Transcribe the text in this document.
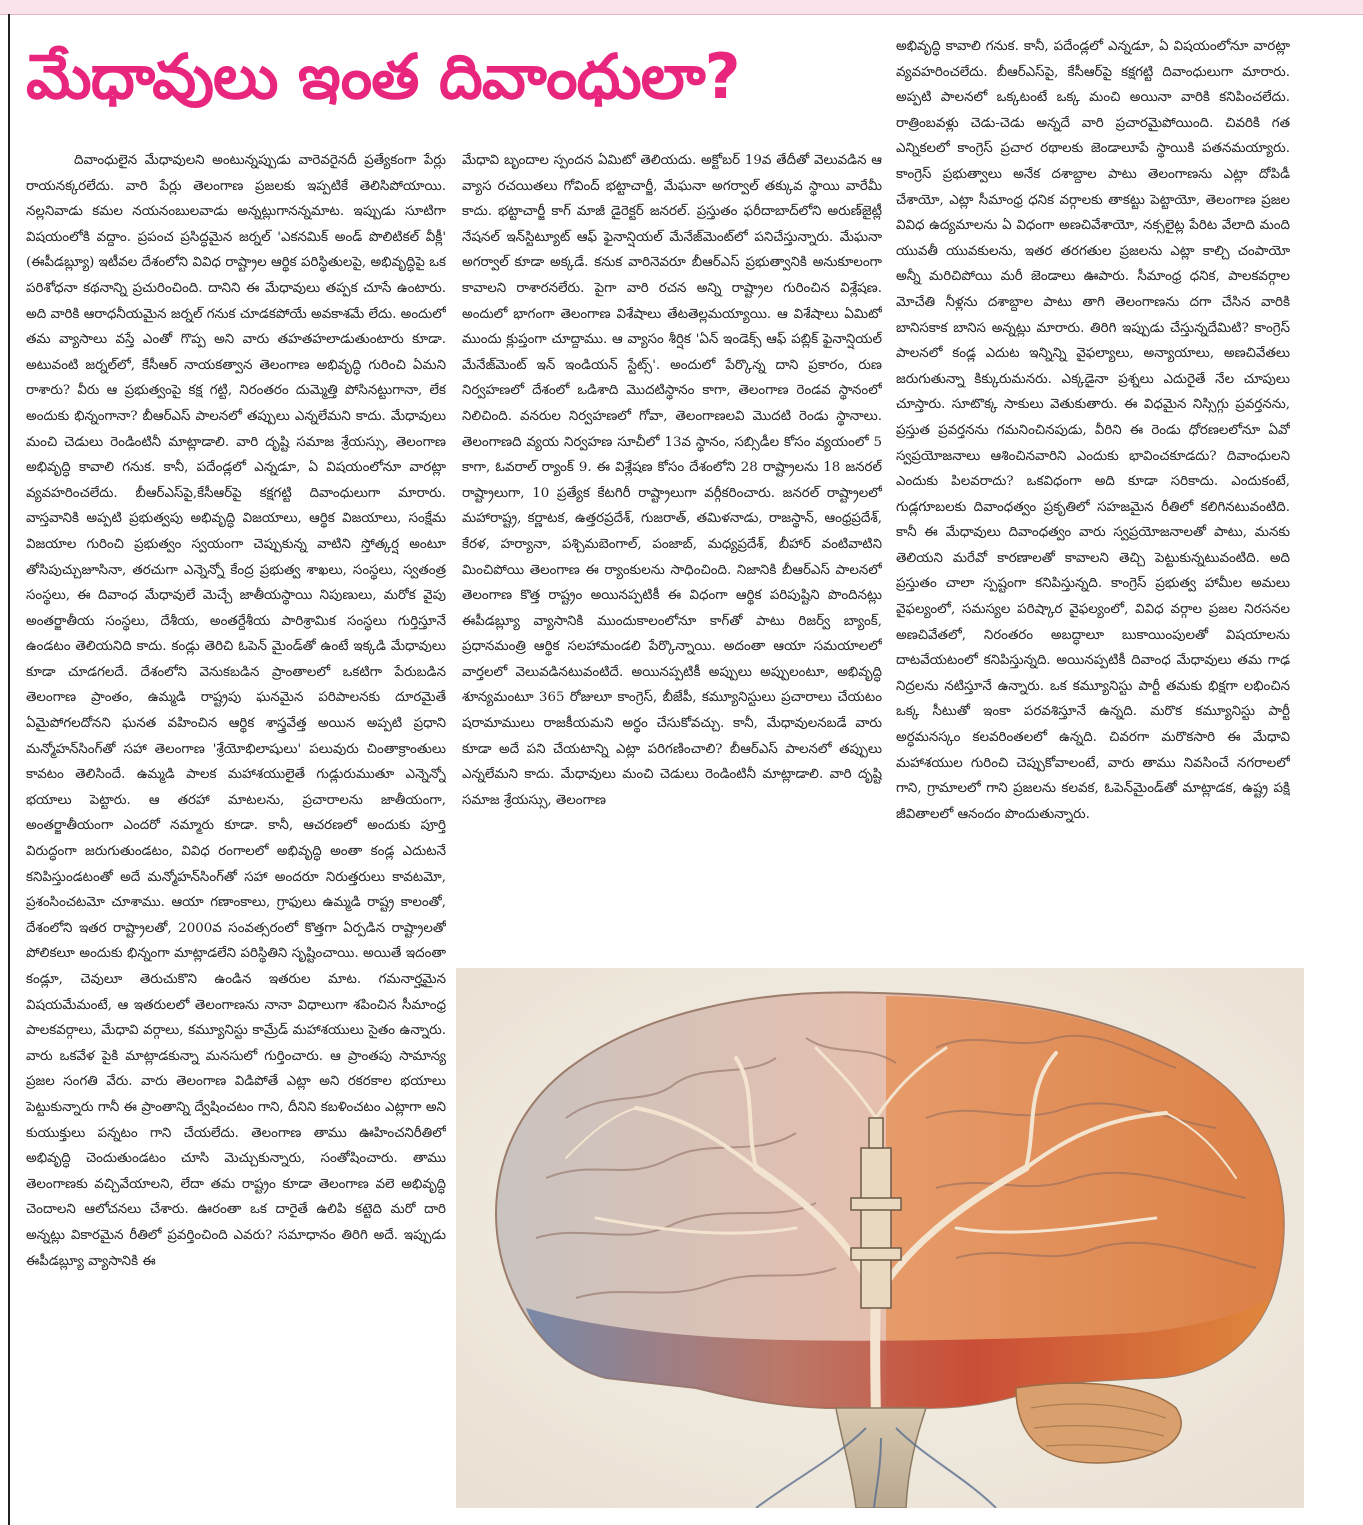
మేధావులు ఇంత దివాంధులా?

దివాంధులైన మేధావులని అంటున్నప్పుడు వారెవరైనదీ ప్రత్యేకంగా పేర్లు రాయనక్కరలేదు. వారి పేర్లు తెలంగాణ ప్రజలకు ఇప్పటికే తెలిసిపోయాయి. నల్లనివాడు కమల నయనంబులవాడు అన్నట్లుగానన్నమాట. ఇప్పుడు సూటిగా విషయంలోకి వద్దాం. ప్రపంచ ప్రసిద్ధమైన జర్నల్ 'ఎకనమిక్ అండ్ పొలిటికల్ వీక్లీ' (ఈపీడబ్ల్యూ) ఇటీవల దేశంలోని వివిధ రాష్ట్రాల ఆర్థిక పరిస్థితులపై, అభివృద్ధిపై ఒక పరిశోధనా కథనాన్ని ప్రచురించింది. దానిని ఈ మేధావులు తప్పక చూసే ఉంటారు. అది వారికి ఆరాధనీయమైన జర్నల్ గనుక చూడకపోయే అవకాశమే లేదు. అందులో తమ వ్యాసాలు వస్తే ఎంతో గొప్ప అని వారు తహతహలాడుతుంటారు కూడా. అటువంటి జర్నల్‌లో, కేసీఆర్ నాయకత్వాన తెలంగాణ అభివృద్ధి గురించి ఏమని రాశారు? వీరు ఆ ప్రభుత్వంపై కక్ష గట్టి, నిరంతరం దుమ్మెత్తి పోసినట్టుగానా, లేక అందుకు భిన్నంగానా? బీఆర్ఎస్ పాలనలో తప్పులు ఎన్నలేమని కాదు. మేధావులు మంచి చెడులు రెండింటినీ మాట్లాడాలి. వారి దృష్టి సమాజ శ్రేయస్సు, తెలంగాణ అభివృద్ధి కావాలి గనుక. కానీ, పదేండ్లలో ఎన్నడూ, ఏ విషయంలోనూ వారట్లా వ్యవహరించలేదు. బీఆర్ఎస్‌పై,కేసీఆర్‌పై కక్షగట్టి దివాంధులుగా మారారు. వాస్తవానికి అప్పటి ప్రభుత్వపు అభివృద్ధి విజయాలు, ఆర్థిక విజయాలు, సంక్షేమ విజయాల గురించి ప్రభుత్వం స్వయంగా చెప్పుకున్న వాటిని స్తోత్కర్ష అంటూ తోసిపుచ్చుజూసినా, తరచుగా ఎన్నెన్నో కేంద్ర ప్రభుత్వ శాఖలు, సంస్థలు, స్వతంత్ర సంస్థలు, ఈ దివాంధ మేధావులే మెచ్చే జాతీయస్థాయి నిపుణులు, మరోక వైపు అంతర్జాతీయ సంస్థలు, దేశీయ, అంతర్దేశీయ పారిశ్రామిక సంస్థలు గుర్తిస్తూనే ఉండటం తెలియనిది కాదు. కండ్లు తెరిచి ఓపెన్ మైండ్‌తో ఉంటే ఇక్కడి మేధావులు కూడా చూడగలదే. దేశంలోని వెనుకబడిన ప్రాంతాలలో ఒకటిగా పేరుబడిన తెలంగాణ ప్రాంతం, ఉమ్మడి రాష్ట్రపు ఘనమైన పరిపాలనకు దూరమైతే ఏమైపోగలదోనని ఘనత వహించిన ఆర్థిక శాస్త్రవేత్త అయిన అప్పటి ప్రధాని మన్మోహన్‌సింగ్‌తో సహా తెలంగాణ 'శ్రేయోభిలాషులు' పలువురు చింతాక్రాంతులు కావటం తెలిసిందే. ఉమ్మడి పాలక మహాశయులైతే గుడ్లురుముతూ ఎన్నెన్నో భయాలు పెట్టారు. ఆ తరహా మాటలను, ప్రచారాలను జాతీయంగా, అంతర్జాతీయంగా ఎందరో నమ్మారు కూడా. కానీ, ఆచరణలో అందుకు పూర్తి విరుద్ధంగా జరుగుతుండటం, వివిధ రంగాలలో అభివృద్ధి అంతా కండ్ల ఎదుటనే కనిపిస్తుండటంతో అదే మన్మోహన్‌సింగ్‌తో సహా అందరూ నిరుత్తరులు కావటమో, ప్రశంసించటమో చూశాము. ఆయా గణాంకాలు, గ్రాఫులు ఉమ్మడి రాష్ట్ర కాలంతో, దేశంలోని ఇతర రాష్ట్రాలతో, 2000వ సంవత్సరంలో కొత్తగా ఏర్పడిన రాష్ట్రాలతో పోలికలూ అందుకు భిన్నంగా మాట్లాడలేని పరిస్థితిని సృష్టించాయి. అయితే ఇదంతా కండ్లూ, చెవులూ తెరుచుకొని ఉండిన ఇతరుల మాట. గమనార్హమైన విషయమేమంటే, ఆ ఇతరులలో తెలంగాణను నానా విధాలుగా శపించిన సీమాంధ్ర పాలకవర్గాలు, మేధావి వర్గాలు, కమ్యూనిస్టు కామ్రేడ్ మహాశయులు సైతం ఉన్నారు. వారు ఒకవేళ పైకి మాట్లాడకున్నా మనసులో గుర్తించారు. ఆ ప్రాంతపు సామాన్య ప్రజల సంగతి వేరు. వారు తెలంగాణ విడిపోతే ఎట్లా అని రకరకాల భయాలు పెట్టుకున్నారు గానీ ఈ ప్రాంతాన్ని ద్వేషించటం గాని, దీనిని కబళించటం ఎట్లాగా అని కుయుక్తులు పన్నటం గాని చేయలేదు. తెలంగాణ తాము ఊహించనిరీతిలో అభివృద్ధి చెందుతుండటం చూసి మెచ్చుకున్నారు, సంతోషించారు. తాము తెలంగాణకు వచ్చివేయాలని, లేదా తమ రాష్ట్రం కూడా తెలంగాణ వలె అభివృద్ధి చెందాలని ఆలోచనలు చేశారు. ఊరంతా ఒక దారైతే ఉలిపి కట్టెది మరో దారి అన్నట్లు వికారమైన రీతిలో ప్రవర్తించింది ఎవరు? సమాధానం తిరిగి అదే. ఇప్పుడు ఈపీడబ్ల్యూ వ్యాసానికి ఈ

మేధావి బృందాల స్పందన ఏమిటో తెలియదు. అక్టోబర్ 19వ తేదీతో వెలువడిన ఆ వ్యాస రచయితలు గోవింద్ భట్టాచార్జీ, మేఘనా అగర్వాల్ తక్కువ స్థాయి వారేమీ కాదు. భట్టాచార్జీ కాగ్ మాజీ డైరెక్టర్ జనరల్. ప్రస్తుతం ఫరీదాబాద్‌లోని అరుణ్‌జైట్లీ నేషనల్ ఇన్‌స్టిట్యూట్ ఆఫ్ ఫైనాన్షియల్ మేనేజ్‌మెంట్‌లో పనిచేస్తున్నారు. మేఘనా అగర్వాల్ కూడా అక్కడే. కనుక వారినెవరూ బీఆర్ఎస్ ప్రభుత్వానికి అనుకూలంగా కావాలని రాశారనలేరు. పైగా వారి రచన అన్ని రాష్ట్రాల గురించిన విశ్లేషణ. అందులో భాగంగా తెలంగాణ విశేషాలు తేటతెల్లమయ్యాయి. ఆ విశేషాలు ఏమిటో ముందు క్లుప్తంగా చూద్దాము. ఆ వ్యాసం శీర్షిక 'ఏన్ ఇండెక్స్ ఆఫ్ పబ్లిక్ ఫైనాన్షియల్ మేనేజ్‌మెంట్ ఇన్ ఇండియన్ స్టేట్స్'. అందులో పేర్కొన్న దాని ప్రకారం, రుణ నిర్వహణలో దేశంలో ఒడిశాది మొదటిస్థానం కాగా, తెలంగాణ రెండవ స్థానంలో నిలిచింది. వనరుల నిర్వహణలో గోవా, తెలంగాణలవి మొదటి రెండు స్థానాలు. తెలంగాణది వ్యయ నిర్వహణ సూచీలో 13వ స్థానం, సబ్సిడీల కోసం వ్యయంలో 5 కాగా, ఓవరాల్ ర్యాంక్ 9. ఈ విశ్లేషణ కోసం దేశంలోని 28 రాష్ట్రాలను 18 జనరల్ రాష్ట్రాలుగా, 10 ప్రత్యేక కేటగిరీ రాష్ట్రాలుగా వర్గీకరించారు. జనరల్ రాష్ట్రాలలో మహారాష్ట్ర, కర్ణాటక, ఉత్తరప్రదేశ్, గుజరాత్, తమిళనాడు, రాజస్థాన్, ఆంధ్రప్రదేశ్, కేరళ, హర్యానా, పశ్చిమబెంగాల్, పంజాబ్, మధ్యప్రదేశ్, బీహార్ వంటివాటిని మించిపోయి తెలంగాణ ఈ ర్యాంకులను సాధించింది. నిజానికి బీఆర్ఎస్ పాలనలో తెలంగాణ కొత్త రాష్ట్రం అయినప్పటికీ ఈ విధంగా ఆర్థిక పరిపుష్టిని పొందినట్లు ఈపీడబ్ల్యూ వ్యాసానికి ముందుకాలంలోనూ కాగ్‌తో పాటు రిజర్వ్ బ్యాంక్, ప్రధానమంత్రి ఆర్థిక సలహామండలి పేర్కొన్నాయి. అదంతా ఆయా సమయాలలో వార్తలలో వెలువడినటువంటిదే. అయినప్పటికీ అప్పులు అప్పులంటూ, అభివృద్ధి శూన్యమంటూ 365 రోజులూ కాంగ్రెస్, బీజేపీ, కమ్యూనిస్టులు ప్రచారాలు చేయటం షరామాములు రాజకీయమని అర్థం చేసుకోవచ్చు. కానీ, మేధావులనబడే వారు కూడా అదే పని చేయటాన్ని ఎట్లా పరిగణించాలి? బీఆర్ఎస్ పాలనలో తప్పులు ఎన్నలేమని కాదు. మేధావులు మంచి చెడులు రెండింటినీ మాట్లాడాలి. వారి దృష్టి సమాజ శ్రేయస్సు, తెలంగాణ

అభివృద్ధి కావాలి గనుక. కానీ, పదేండ్లలో ఎన్నడూ, ఏ విషయంలోనూ వారట్లా వ్యవహరించలేదు. బీఆర్ఎస్‌పై, కేసీఆర్‌పై కక్షగట్టి దివాంధులుగా మారారు. అప్పటి పాలనలో ఒక్కటంటే ఒక్క మంచి అయినా వారికి కనిపించలేదు. రాత్రింబవళ్లు చెడు-చెడు అన్నదే వారి ప్రచారమైపోయింది. చివరికి గత ఎన్నికలలో కాంగ్రెస్ ప్రచార రథాలకు జెండాలూపే స్థాయికి పతనమయ్యారు. కాంగ్రెస్ ప్రభుత్వాలు అనేక దశాబ్దాల పాటు తెలంగాణను ఎట్లా దోపిడీ చేశాయో, ఎట్లా సీమాంధ్ర ధనిక వర్గాలకు తాకట్టు పెట్టాయో, తెలంగాణ ప్రజల వివిధ ఉద్యమాలను ఏ విధంగా అణచివేశాయో, నక్సలైట్ల పేరిట వేలాది మంది యువతీ యువకులను, ఇతర తరగతుల ప్రజలను ఎట్లా కాల్చి చంపాయో అన్నీ మరిచిపోయి మరీ జెండాలు ఊపారు. సీమాంధ్ర ధనిక, పాలకవర్గాల మోచేతి నీళ్లను దశాబ్దాల పాటు తాగి తెలంగాణను దగా చేసిన వారికి బానిసకాక బానిస అన్నట్లు మారారు. తిరిగి ఇప్పుడు చేస్తున్నదేమిటి? కాంగ్రెస్ పాలనలో కండ్ల ఎదుట ఇన్నిన్ని వైఫల్యాలు, అన్యాయాలు, అణచివేతలు జరుగుతున్నా కిక్కురుమనరు. ఎక్కడైనా ప్రశ్నలు ఎదురైతే నేల చూపులు చూస్తారు. సూటొక్క సాకులు వెతుకుతారు. ఈ విధమైన నిస్సిగ్గు ప్రవర్తనను, ప్రస్తుత ప్రవర్తనను గమనించినపుడు, వీరిని ఈ రెండు ధోరణలలోనూ ఏవో స్వప్రయోజనాలు ఆశించినవారిని ఎందుకు భావించకూడదు? దివాంధులని ఎందుకు పిలవరాదు? ఒకవిధంగా అది కూడా సరికాదు. ఎందుకంటే, గుడ్లగూబలకు దివాంధత్వం ప్రకృతిలో సహజమైన రీతిలో కలిగినటువంటిది. కానీ ఈ మేధావులు దివాంధత్వం వారు స్వప్రయోజనాలతో పాటు, మనకు తెలియని మరేవో కారణాలతో కావాలని తెచ్చి పెట్టుకున్నటువంటిది. అది ప్రస్తుతం చాలా స్పష్టంగా కనిపిస్తున్నది. కాంగ్రెస్ ప్రభుత్వ హామీల అమలు వైఫల్యంలో, సమస్యల పరిష్కార వైఫల్యంలో, వివిధ వర్గాల ప్రజల నిరసనల అణచివేతలో, నిరంతరం అబద్ధాలూ బుకాయింపులతో విషయాలను దాటవేయటంలో కనిపిస్తున్నది. అయినప్పటికీ దివాంధ మేధావులు తమ గాఢ నిద్రలను నటిస్తూనే ఉన్నారు. ఒక కమ్యూనిస్టు పార్టీ తమకు భిక్షగా లభించిన ఒక్క సీటుతో ఇంకా పరవశిస్తూనే ఉన్నది. మరొక కమ్యూనిస్టు పార్టీ అర్ధమనస్కం కలవరింతలలో ఉన్నది. చివరగా మరొకసారి ఈ మేధావి మహాశయుల గురించి చెప్పుకోవాలంటే, వారు తాము నివసించే నగరాలలో గాని, గ్రామాలలో గాని ప్రజలను కలవక, ఓపెన్‌మైండ్‌తో మాట్లాడక, ఉష్ట్ర పక్షి జీవితాలలో ఆనందం పొందుతున్నారు.
